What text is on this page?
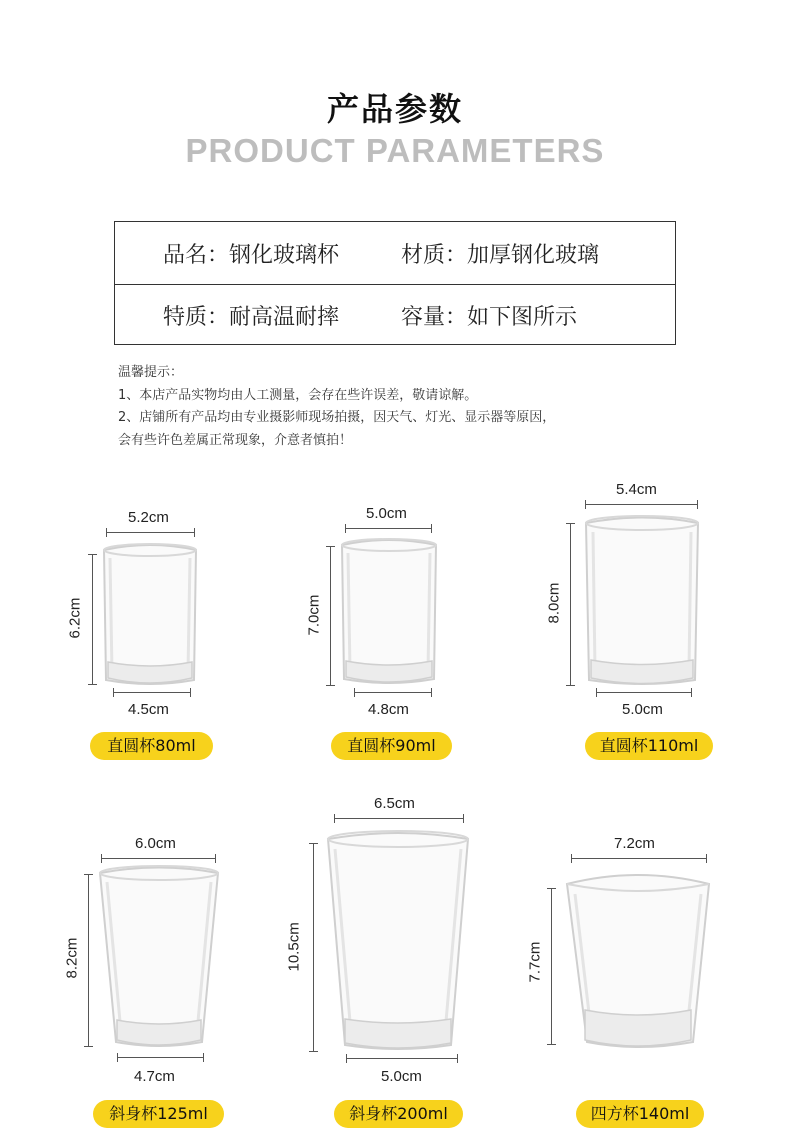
产品参数
PRODUCT PARAMETERS
品名：钢化玻璃杯	材质：加厚钢化玻璃
特质：耐高温耐摔	容量：如下图所示
温馨提示：
1、本店产品实物均由人工测量，会存在些许误差，敬请谅解。
2、店铺所有产品均由专业摄影师现场拍摄，因天气、灯光、显示器等原因，
会有些许色差属正常现象，介意者慎拍！
5.2cm
6.2cm
4.5cm
直圆杯80ml
5.0cm
7.0cm
4.8cm
直圆杯90ml
5.4cm
8.0cm
5.0cm
直圆杯110ml
6.0cm
8.2cm
4.7cm
斜身杯125ml
6.5cm
10.5cm
5.0cm
斜身杯200ml
7.2cm
7.7cm
四方杯140ml
